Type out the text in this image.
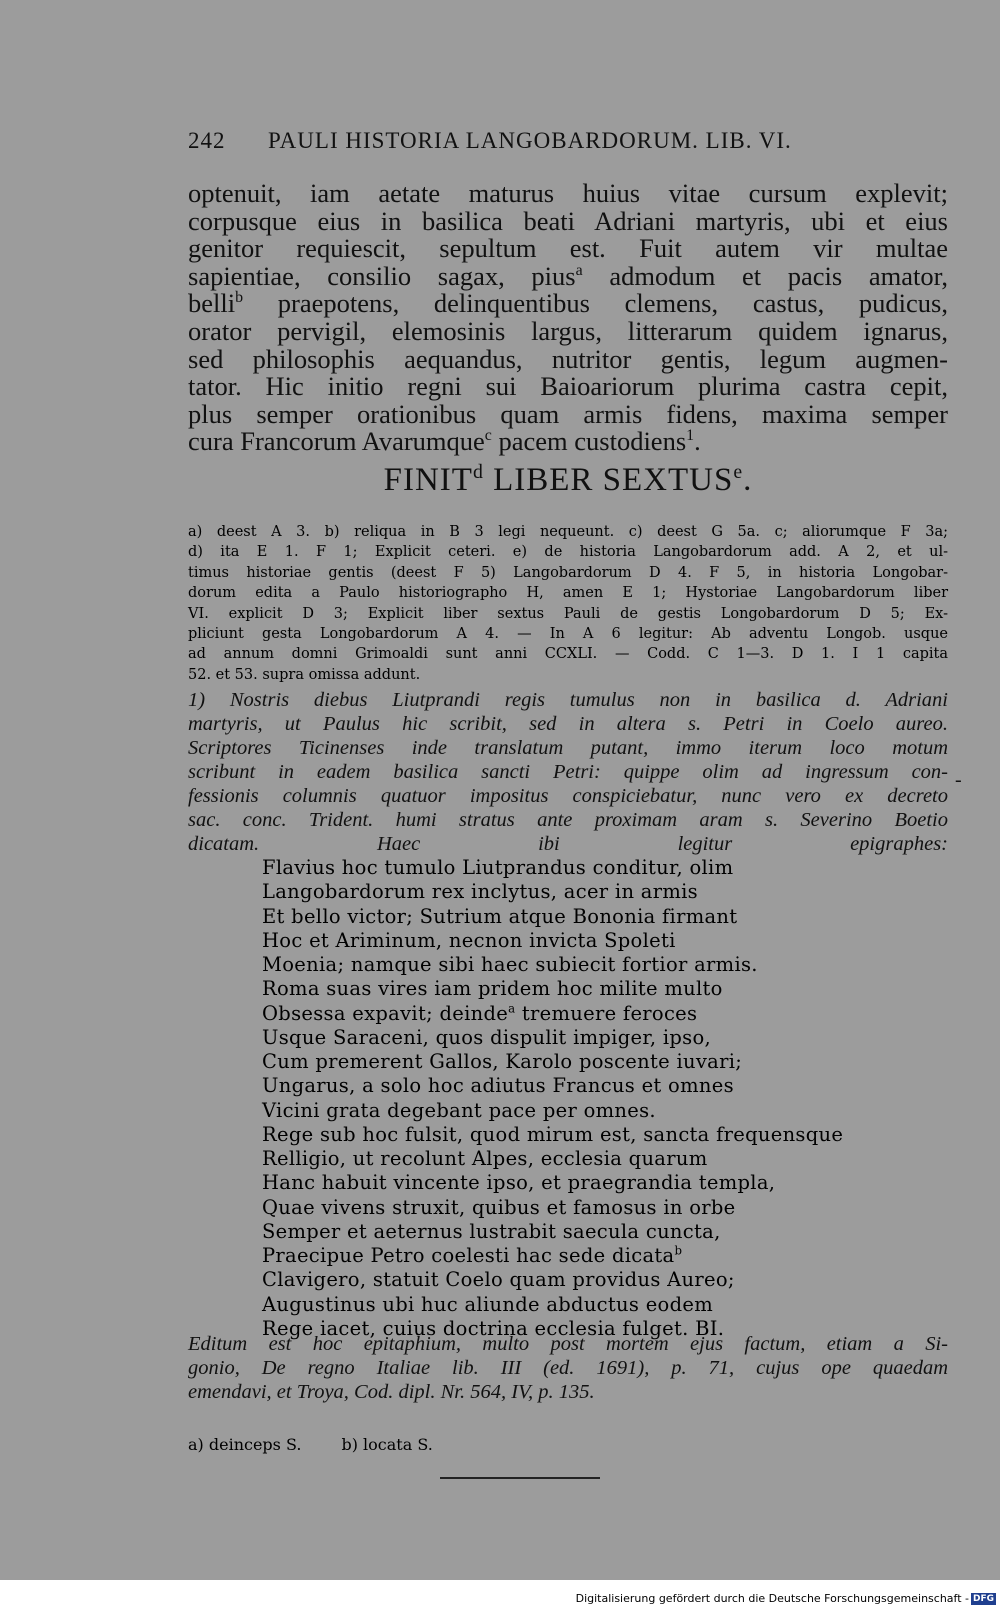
242 PAULI HISTORIA LANGOBARDORUM. LIB. VI.
optenuit, iam aetate maturus huius vitae cursum explevit;
corpusque eius in basilica beati Adriani martyris, ubi et eius
genitor requiescit, sepultum est. Fuit autem vir multae
sapientiae, consilio sagax, pius$^a$ admodum et pacis amator,
belli$^b$ praepotens, delinquentibus clemens, castus, pudicus,
orator pervigil, elemosinis largus, litterarum quidem ignarus,
sed philosophis aequandus, nutritor gentis, legum augmen-
tator. Hic initio regni sui Baioariorum plurima castra cepit,
plus semper orationibus quam armis fidens, maxima semper
cura Francorum Avarumque$^c$ pacem custodiens$^1$.
FINIT$^d$ LIBER SEXTUS$^e$.
a) deest A 3. b) reliqua in B 3 legi nequeunt. c) deest G 5a. c; aliorumque F 3a;
d) ita E 1. F 1; Explicit ceteri. e) de historia Langobardorum add. A 2, et ul-
timus historiae gentis (deest F 5) Langobardorum D 4. F 5, in historia Longobar-
dorum edita a Paulo historiographo H, amen E 1; Hystoriae Langobardorum liber
VI. explicit D 3; Explicit liber sextus Pauli de gestis Longobardorum D 5; Ex-
pliciunt gesta Longobardorum A 4. — In A 6 legitur: Ab adventu Longob. usque
ad annum domni Grimoaldi sunt anni CCXLI. — Codd. C 1—3. D 1. I 1 capita
52. et 53. supra omissa addunt.
1) Nostris diebus Liutprandi regis tumulus non in basilica d. Adriani
martyris, ut Paulus hic scribit, sed in altera s. Petri in Coelo aureo.
Scriptores Ticinenses inde translatum putant, immo iterum loco motum
scribunt in eadem basilica sancti Petri: quippe olim ad ingressum con-
fessionis columnis quatuor impositus conspiciebatur, nunc vero ex decreto
sac. conc. Trident. humi stratus ante proximam aram s. Severino Boetio
dicatam. Haec ibi legitur epigraphes:
Flavius hoc tumulo Liutprandus conditur, olim
Langobardorum rex inclytus, acer in armis
Et bello victor; Sutrium atque Bononia firmant
Hoc et Ariminum, necnon invicta Spoleti
Moenia; namque sibi haec subiecit fortior armis.
Roma suas vires iam pridem hoc milite multo
Obsessa expavit; deinde$^a$ tremuere feroces
Usque Saraceni, quos dispulit impiger, ipso,
Cum premerent Gallos, Karolo poscente iuvari;
Ungarus, a solo hoc adiutus Francus et omnes
Vicini grata degebant pace per omnes.
Rege sub hoc fulsit, quod mirum est, sancta frequensque
Relligio, ut recolunt Alpes, ecclesia quarum
Hanc habuit vincente ipso, et praegrandia templa,
Quae vivens struxit, quibus et famosus in orbe
Semper et aeternus lustrabit saecula cuncta,
Praecipue Petro coelesti hac sede dicata$^b$
Clavigero, statuit Coelo quam providus Aureo;
Augustinus ubi huc aliunde abductus eodem
Rege iacet, cuius doctrina ecclesia fulget. BI.
Editum est hoc epitaphium, multo post mortem ejus factum, etiam a Si-
gonio, De regno Italiae lib. III (ed. 1691), p. 71, cujus ope quaedam
emendavi, et Troya, Cod. dipl. Nr. 564, IV, p. 135.
a) deinceps S.	b) locata S.
-
Digitalisierung gefördert durch die Deutsche Forschungsgemeinschaft - DFG
